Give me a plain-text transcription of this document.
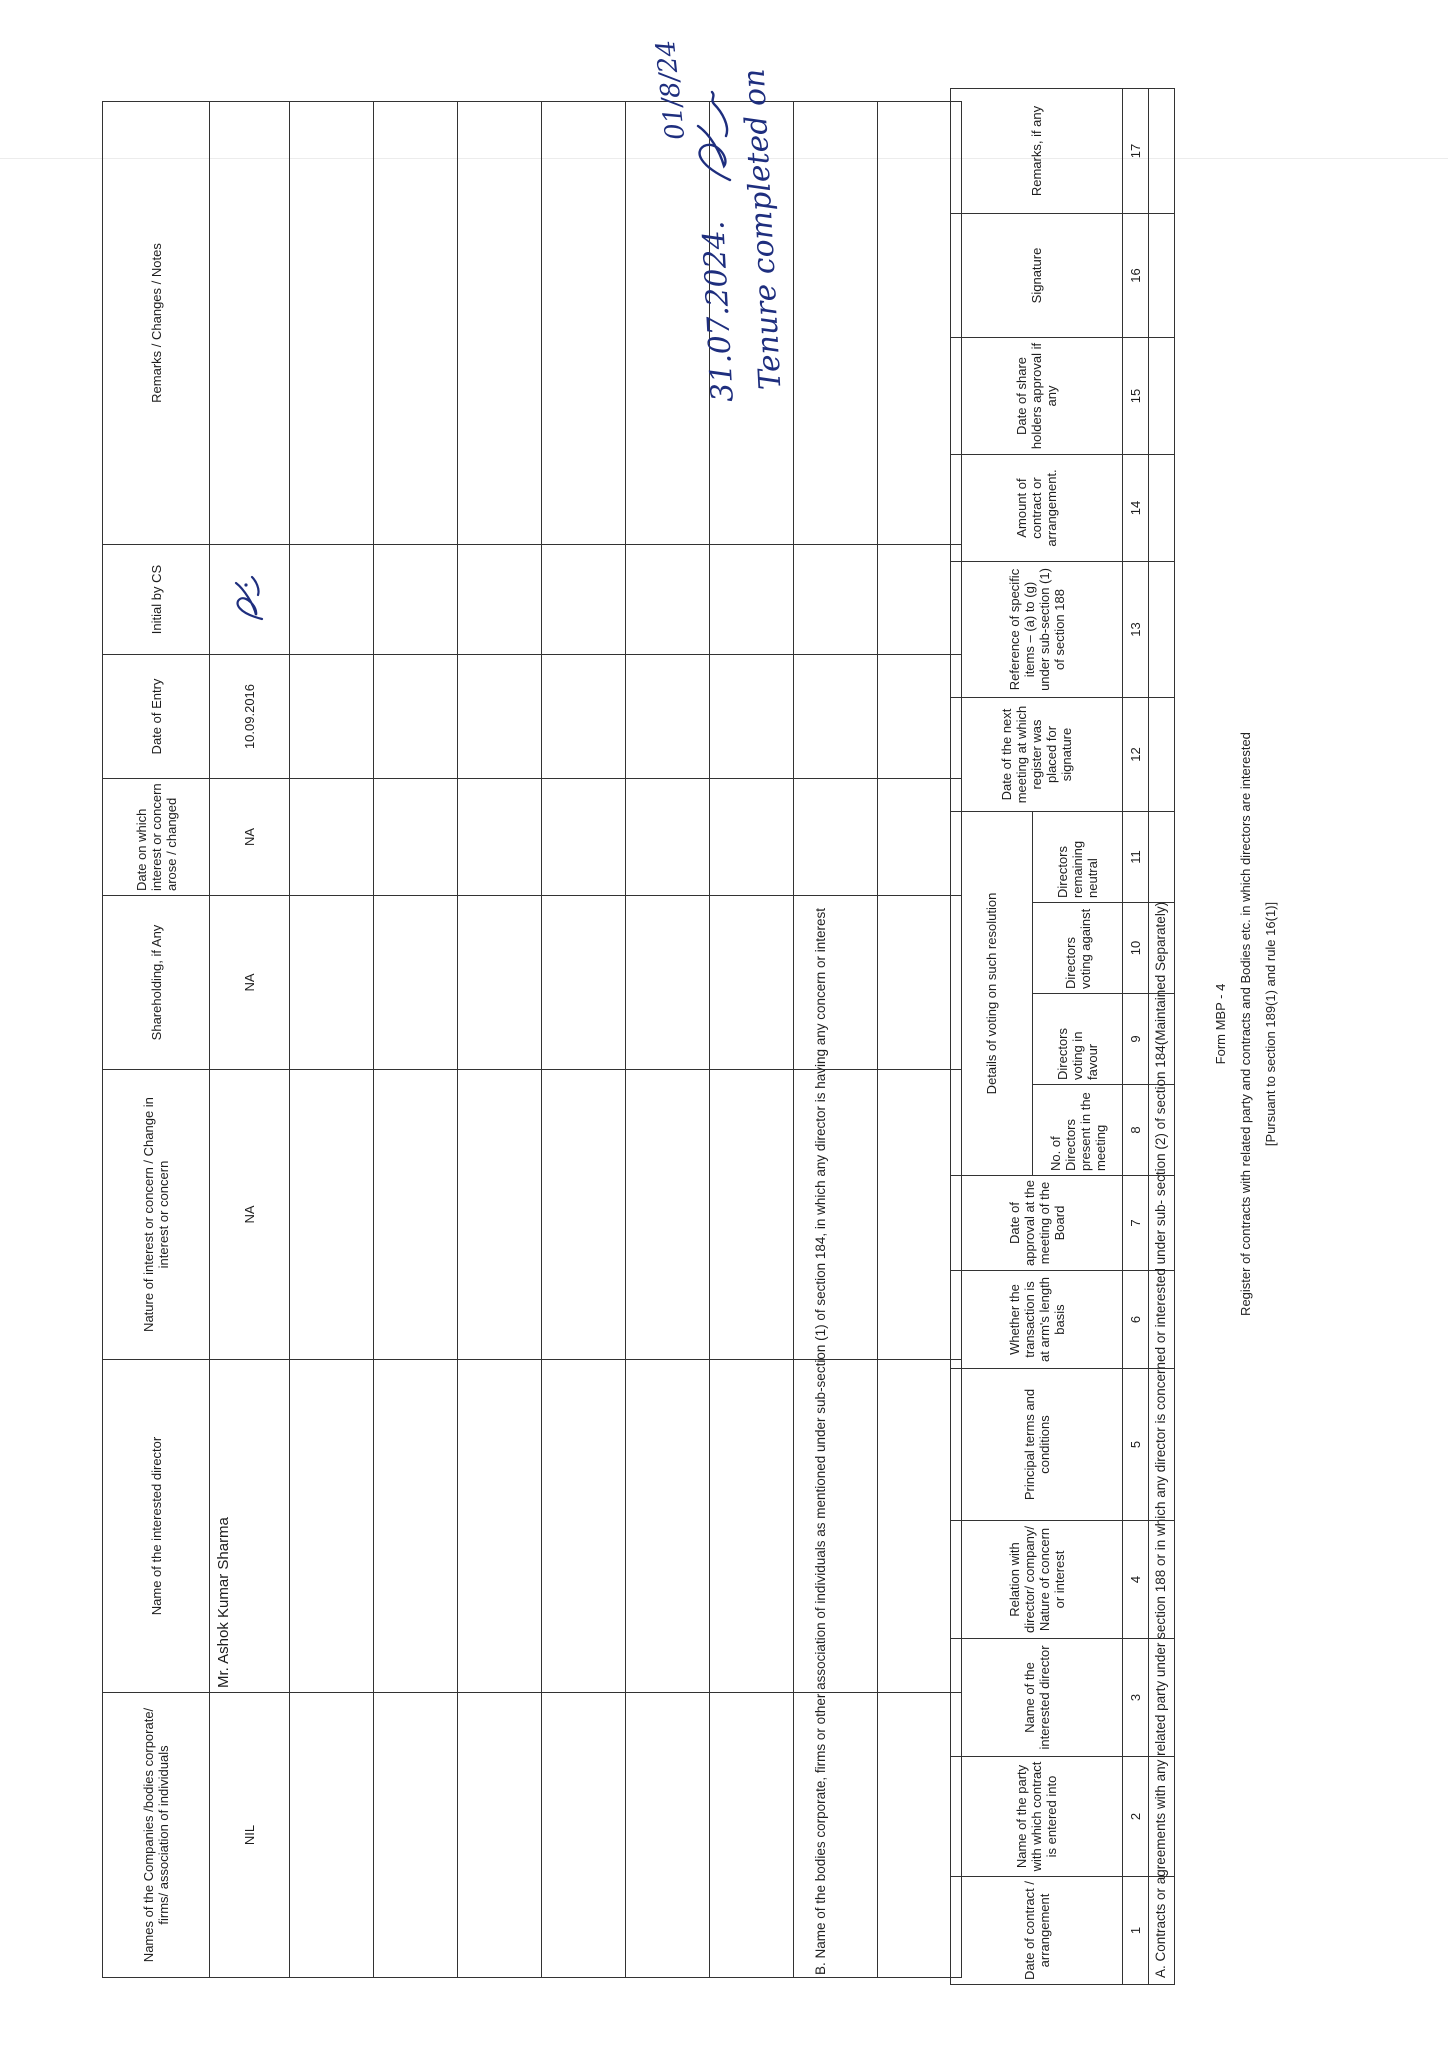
Form MBP - 4 Register of contracts with related party and contracts and Bodies etc. in which directors are interested [Pursuant to section 189(1) and rule 16(1)]
A. Contracts or agreements with any related party under section 188 or in which any director is concerned or interested under sub- section (2) of section 184(Maintained Separately)
Date of contract / arrangement	Name of the party with which contract is entered into	Name of the interested director	Relation with director/ company/ Nature of concern or interest	Principal terms and conditions	Whether the transaction is at arm's length basis	Date of approval at the meeting of the Board	Details of voting on such resolution				Date of the next meeting at which register was placed for signature	Reference of specific items – (a) to (g) under sub-section (1) of section 188	Amount of contract or arrangement.	Date of share holders approval if any	Signature	Remarks, if any
							No. of Directors present in the meeting	Directors voting in favour	Directors voting against	Directors remaining neutral						
1	2	3	4	5	6	7	8	9	10	11	12	13	14	15	16	17

B. Name of the bodies corporate, firms or other association of individuals as mentioned under sub-section (1) of section 184, in which any director is having any concern or interest
Names of the Companies /bodies corporate/ firms/ association of individuals	Name of the interested director	Nature of interest or concern / Change in interest or concern	Shareholding, if Any	Date on which interest or concern arose / changed	Date of Entry	Initial by CS	Remarks / Changes / Notes
NIL	Mr. Ashok Kumar Sharma	NA	NA	NA	10.09.2016	

Tenure completed on
31.07.2024.
01/8/24
